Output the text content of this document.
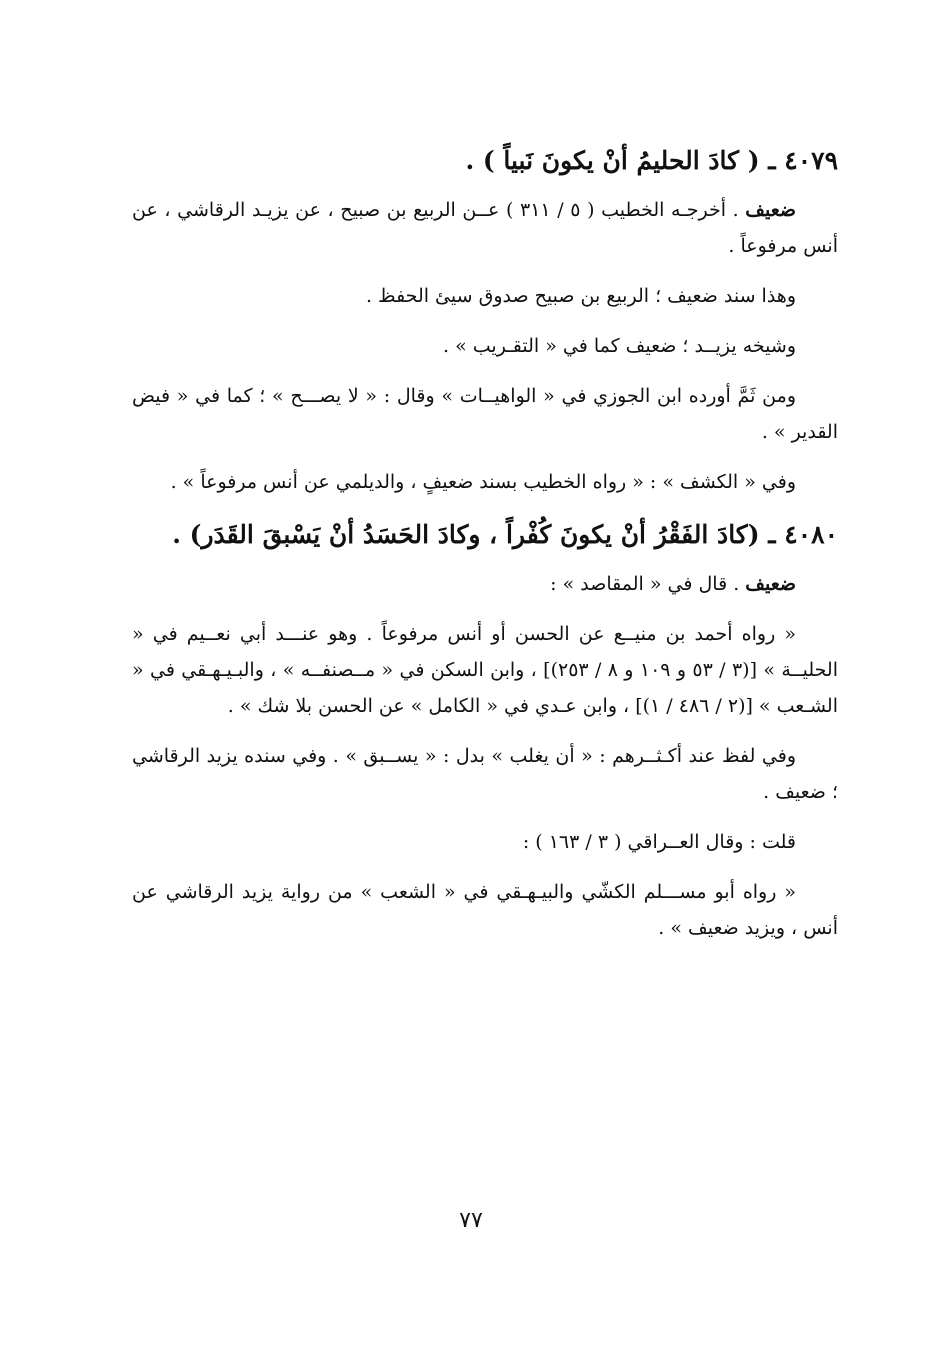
٤٠٧٩ ـ ( كادَ الحليمُ أنْ يكونَ نَبياً ) .

ضعيف . أخرجـه الخطيب ( ٥ / ٣١١ ) عــن الربيع بن صبيح ، عن يزيـد الرقاشي ، عن أنس مرفوعاً .

وهذا سند ضعيف ؛ الربيع بن صبيح صدوق سيئ الحفظ .

وشيخه يزيــد ؛ ضعيف كما في « التقـريب » .

ومن ثَمَّ أورده ابن الجوزي في « الواهيــات » وقال : « لا يصـــح » ؛ كما في « فيض القدير » .

وفي « الكشف » : « رواه الخطيب بسند ضعيفٍ ، والديلمي عن أنس مرفوعاً » .

٤٠٨٠ ـ (كادَ الفَقْرُ أنْ يكونَ كُفْراً ، وكادَ الحَسَدُ أنْ يَسْبقَ القَدَر) .

ضعيف . قال في « المقاصد » :

« رواه أحمد بن منيــع عن الحسن أو أنس مرفوعاً . وهو عنـــد أبي نعــيم في « الحليــة » [(٣ / ٥٣ و ١٠٩ و ٨ / ٢٥٣)] ، وابن السكن في « مــصنفــه » ، والبـيـهـقي في « الشـعب » [(٢ / ٤٨٦ / ١)] ، وابن عـدي في « الكامل » عن الحسن بلا شك » .

وفي لفظ عند أكـثــرهم : « أن يغلب » بدل : « يســبق » . وفي سنده يزيد الرقاشي ؛ ضعيف .

قلت : وقال العــراقي ( ٣ / ١٦٣ ) :

« رواه أبو مســـلم الكشّي والبيـهـقي في « الشعب » من رواية يزيد الرقاشي عن أنس ، ويزيد ضعيف » .

٧٧
